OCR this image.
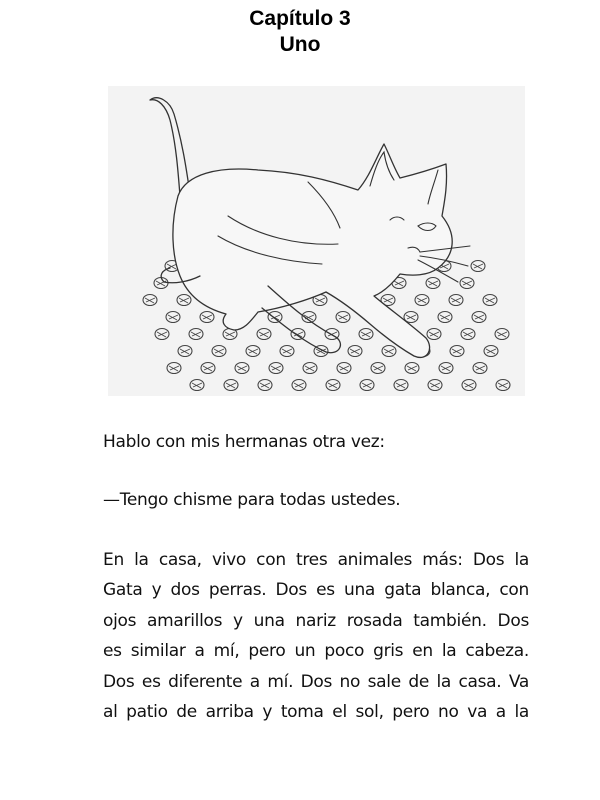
Capítulo 3
Uno
Hablo con mis hermanas otra vez:
—Tengo chisme para todas ustedes.
En la casa, vivo con tres animales más: Dos la
Gata y dos perras. Dos es una gata blanca, con
ojos amarillos y una nariz rosada también. Dos
es similar a mí, pero un poco gris en la cabeza.
Dos es diferente a mí. Dos no sale de la casa. Va
al patio de arriba y toma el sol, pero no va a la
